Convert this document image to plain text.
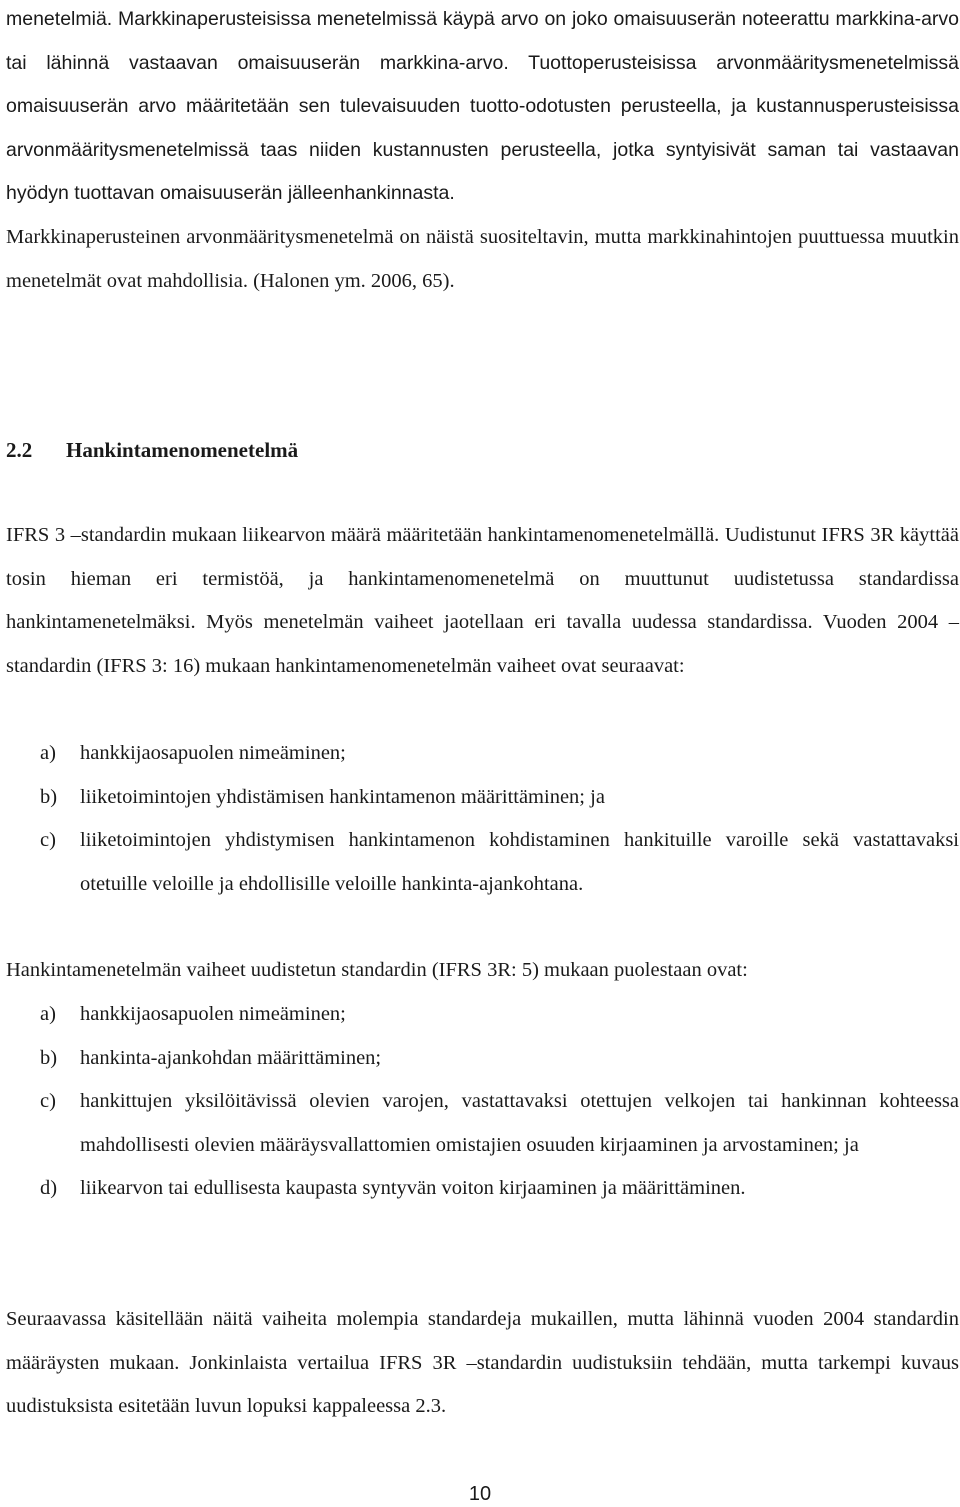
menetelmiä. Markkinaperusteisissa menetelmissä käypä arvo on joko omaisuuserän noteerattu markkina-arvo tai lähinnä vastaavan omaisuuserän markkina-arvo. Tuottoperusteisissa arvonmääritysmenetelmissä omaisuuserän arvo määritetään sen tulevaisuuden tuotto-odotusten perusteella, ja kustannusperusteisissa arvonmääritysmenetelmissä taas niiden kustannusten perusteella, jotka syntyisivät saman tai vastaavan hyödyn tuottavan omaisuuserän jälleenhankinnasta.

Markkinaperusteinen arvonmääritysmenetelmä on näistä suositeltavin, mutta markkinahintojen puuttuessa muutkin menetelmät ovat mahdollisia. (Halonen ym. 2006, 65).

2.2 Hankintamenomenetelmä

IFRS 3 –standardin mukaan liikearvon määrä määritetään hankintamenomenetelmällä. Uudistunut IFRS 3R käyttää tosin hieman eri termistöä, ja hankintamenomenetelmä on muuttunut uudistetussa standardissa hankintamenetelmäksi. Myös menetelmän vaiheet jaotellaan eri tavalla uudessa standardissa. Vuoden 2004 –standardin (IFRS 3: 16) mukaan hankintamenomenetelmän vaiheet ovat seuraavat:

a) hankkijaosapuolen nimeäminen;
b) liiketoimintojen yhdistämisen hankintamenon määrittäminen; ja
c) liiketoimintojen yhdistymisen hankintamenon kohdistaminen hankituille varoille sekä vastattavaksi otetuille veloille ja ehdollisille veloille hankinta-ajankohtana.

Hankintamenetelmän vaiheet uudistetun standardin (IFRS 3R: 5) mukaan puolestaan ovat:

a) hankkijaosapuolen nimeäminen;
b) hankinta-ajankohdan määrittäminen;
c) hankittujen yksilöitävissä olevien varojen, vastattavaksi otettujen velkojen tai hankinnan kohteessa mahdollisesti olevien määräysvallattomien omistajien osuuden kirjaaminen ja arvostaminen; ja
d) liikearvon tai edullisesta kaupasta syntyvän voiton kirjaaminen ja määrittäminen.

Seuraavassa käsitellään näitä vaiheita molempia standardeja mukaillen, mutta lähinnä vuoden 2004 standardin määräysten mukaan. Jonkinlaista vertailua IFRS 3R –standardin uudistuksiin tehdään, mutta tarkempi kuvaus uudistuksista esitetään luvun lopuksi kappaleessa 2.3.

10
